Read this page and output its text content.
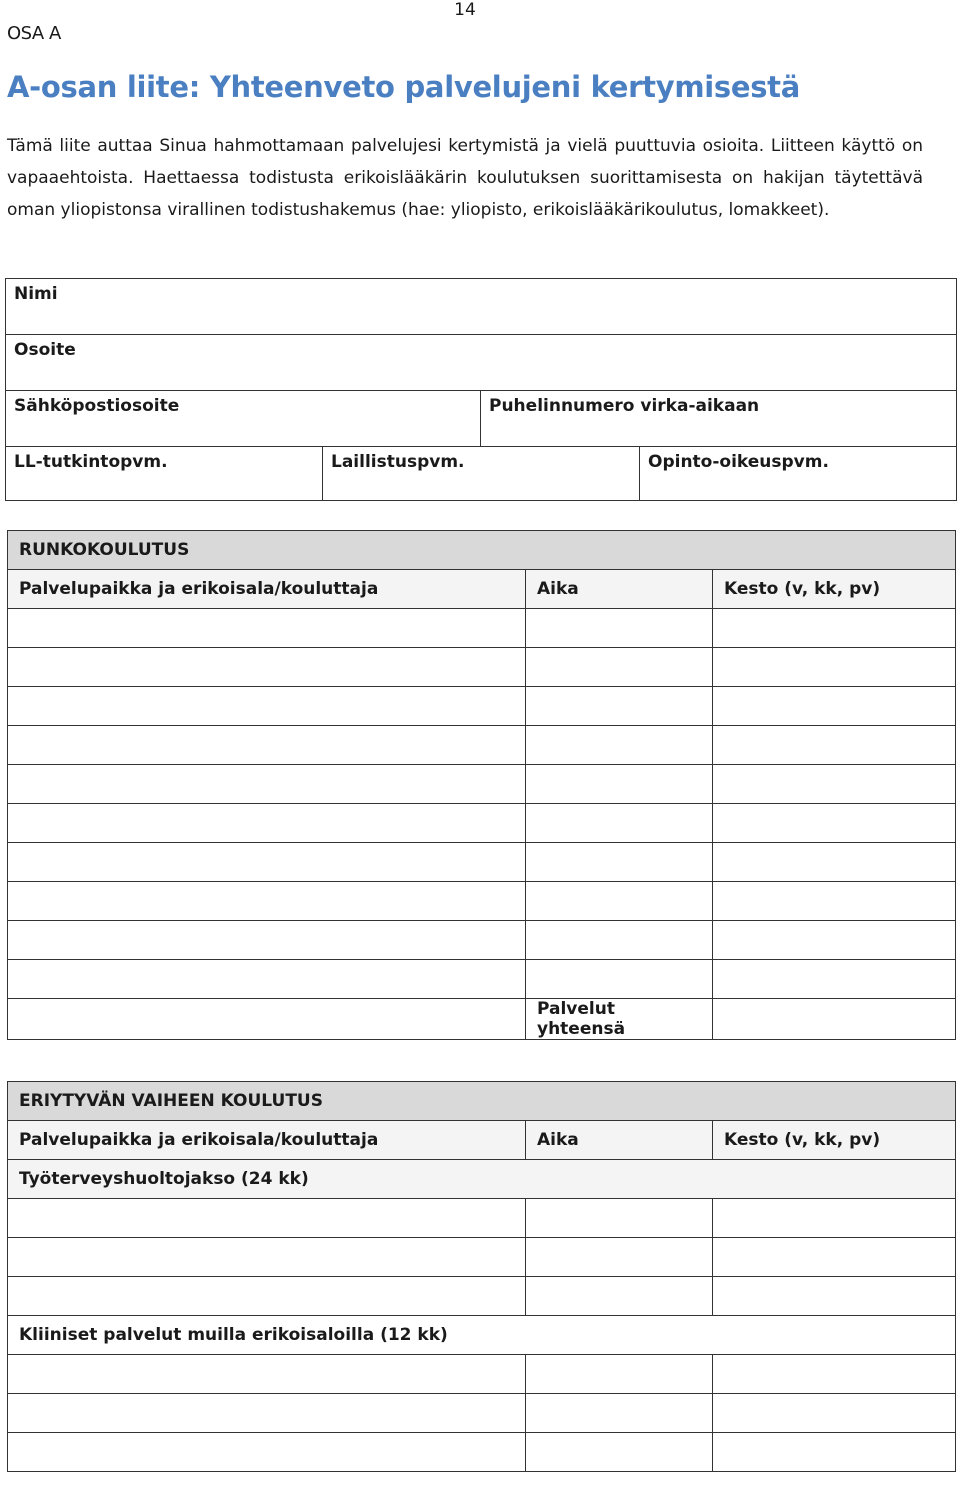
14
OSA A
A-osan liite: Yhteenveto palvelujeni kertymisestä

Tämä liite auttaa Sinua hahmottamaan palvelujesi kertymistä ja vielä puuttuvia osioita. Liitteen käyttö on vapaaehtoista. Haettaessa todistusta erikoislääkärin koulutuksen suorittamisesta on hakijan täytettävä oman yliopistonsa virallinen todistushakemus (hae: yliopisto, erikoislääkärikoulutus, lomakkeet).

Nimi
Osoite
Sähköpostiosoite	Puhelinnumero virka-aikaan
LL-tutkintopvm.	Laillistuspvm.	Opinto-oikeuspvm.
RUNKOKOULUTUS		
Palvelupaikka ja erikoisala/kouluttaja	Aika	Kesto (v, kk, pv)

	Palvelut yhteensä	
ERIYTYVÄN VAIHEEN KOULUTUS		
Palvelupaikka ja erikoisala/kouluttaja	Aika	Kesto (v, kk, pv)
Työterveyshuoltojakso (24 kk)		

Kliiniset palvelut muilla erikoisaloilla (12 kk)		
